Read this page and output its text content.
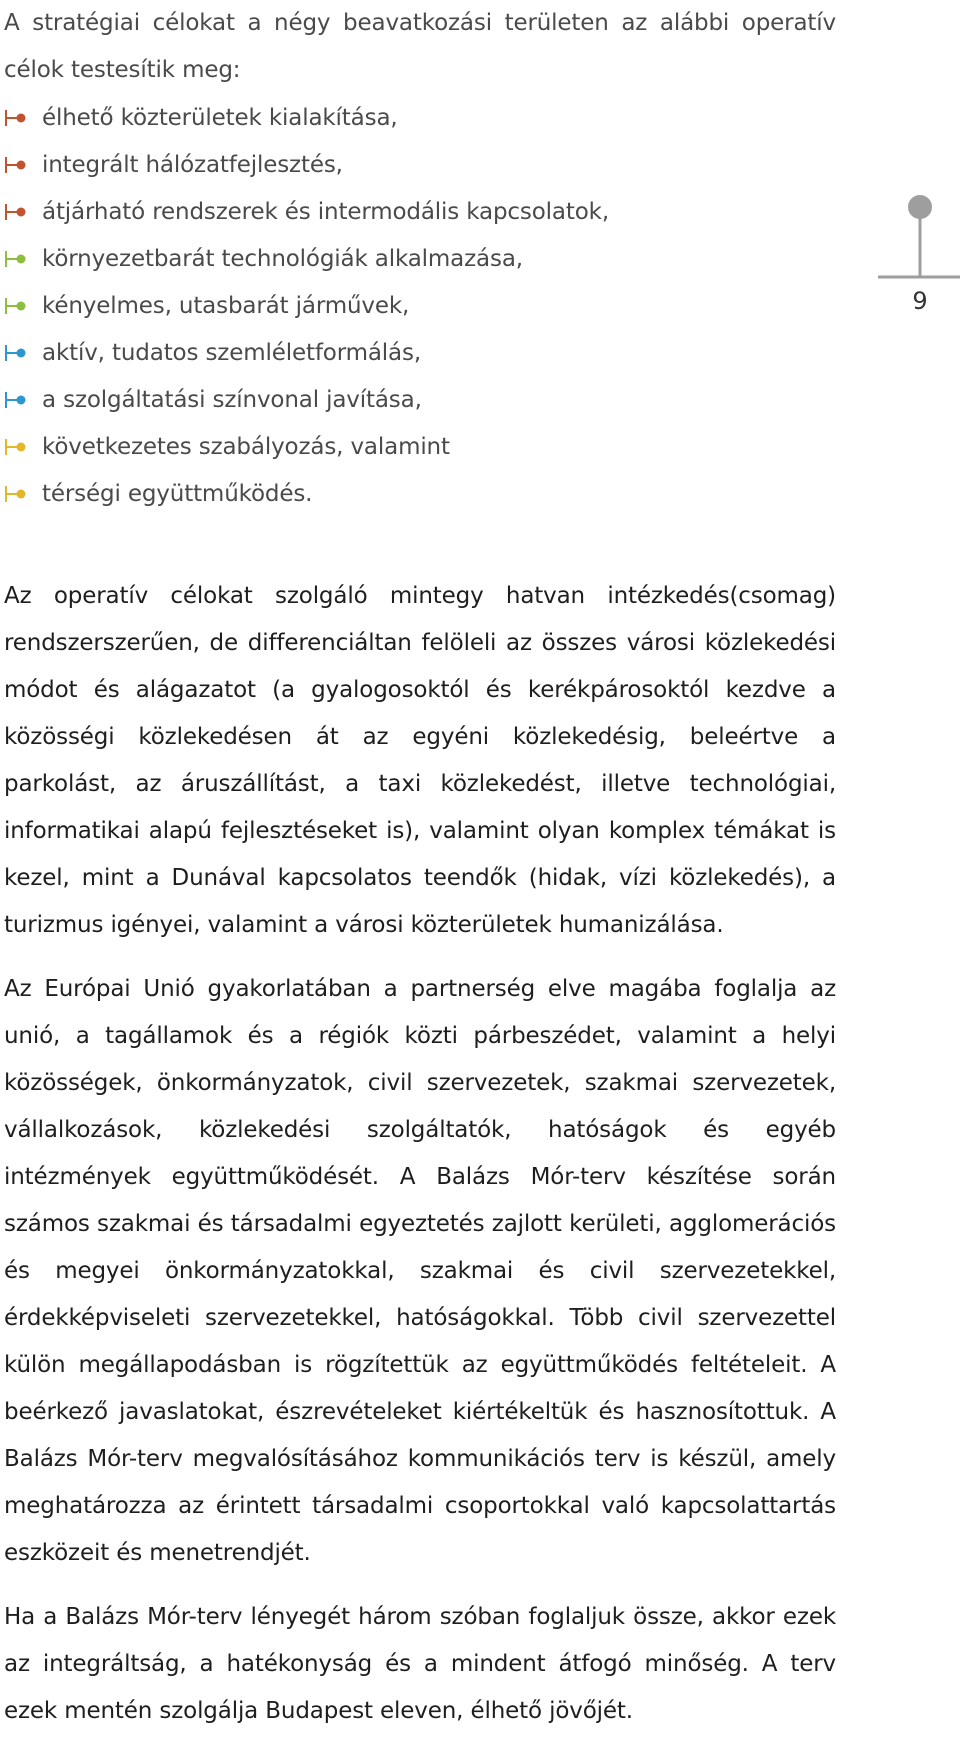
A stratégiai célokat a négy beavatkozási területen az alábbi operatív célok testesítik meg:

élhető közterületek kialakítása,
integrált hálózatfejlesztés,
átjárható rendszerek és intermodális kapcsolatok,
környezetbarát technológiák alkalmazása,
kényelmes, utasbarát járművek,
aktív, tudatos szemléletformálás,
a szolgáltatási színvonal javítása,
következetes szabályozás, valamint
térségi együttműködés.

Az operatív célokat szolgáló mintegy hatvan intézkedés(csomag) rendszerszerűen, de differenciáltan felöleli az összes városi közlekedési módot és alágazatot (a gyalogosoktól és kerékpárosoktól kezdve a közösségi közlekedésen át az egyéni közlekedésig, beleértve a parkolást, az áruszállítást, a taxi közlekedést, illetve technológiai, informatikai alapú fejlesztéseket is), valamint olyan komplex témákat is kezel, mint a Dunával kapcsolatos teendők (hidak, vízi közlekedés), a turizmus igényei, valamint a városi közterületek humanizálása.

Az Európai Unió gyakorlatában a partnerség elve magába foglalja az unió, a tagállamok és a régiók közti párbeszédet, valamint a helyi közösségek, önkormányzatok, civil szervezetek, szakmai szervezetek, vállalkozások, közlekedési szolgáltatók, hatóságok és egyéb intézmények együttműködését. A Balázs Mór-terv készítése során számos szakmai és társadalmi egyeztetés zajlott kerületi, agglomerációs és megyei önkormányzatokkal, szakmai és civil szervezetekkel, érdekképviseleti szervezetekkel, hatóságokkal. Több civil szervezettel külön megállapodásban is rögzítettük az együttműködés feltételeit. A beérkező javaslatokat, észrevételeket kiértékeltük és hasznosítottuk. A Balázs Mór-terv megvalósításához kommunikációs terv is készül, amely meghatározza az érintett társadalmi csoportokkal való kapcsolattartás eszközeit és menetrendjét.

Ha a Balázs Mór-terv lényegét három szóban foglaljuk össze, akkor ezek az integráltság, a hatékonyság és a mindent átfogó minőség. A terv ezek mentén szolgálja Budapest eleven, élhető jövőjét.

9
